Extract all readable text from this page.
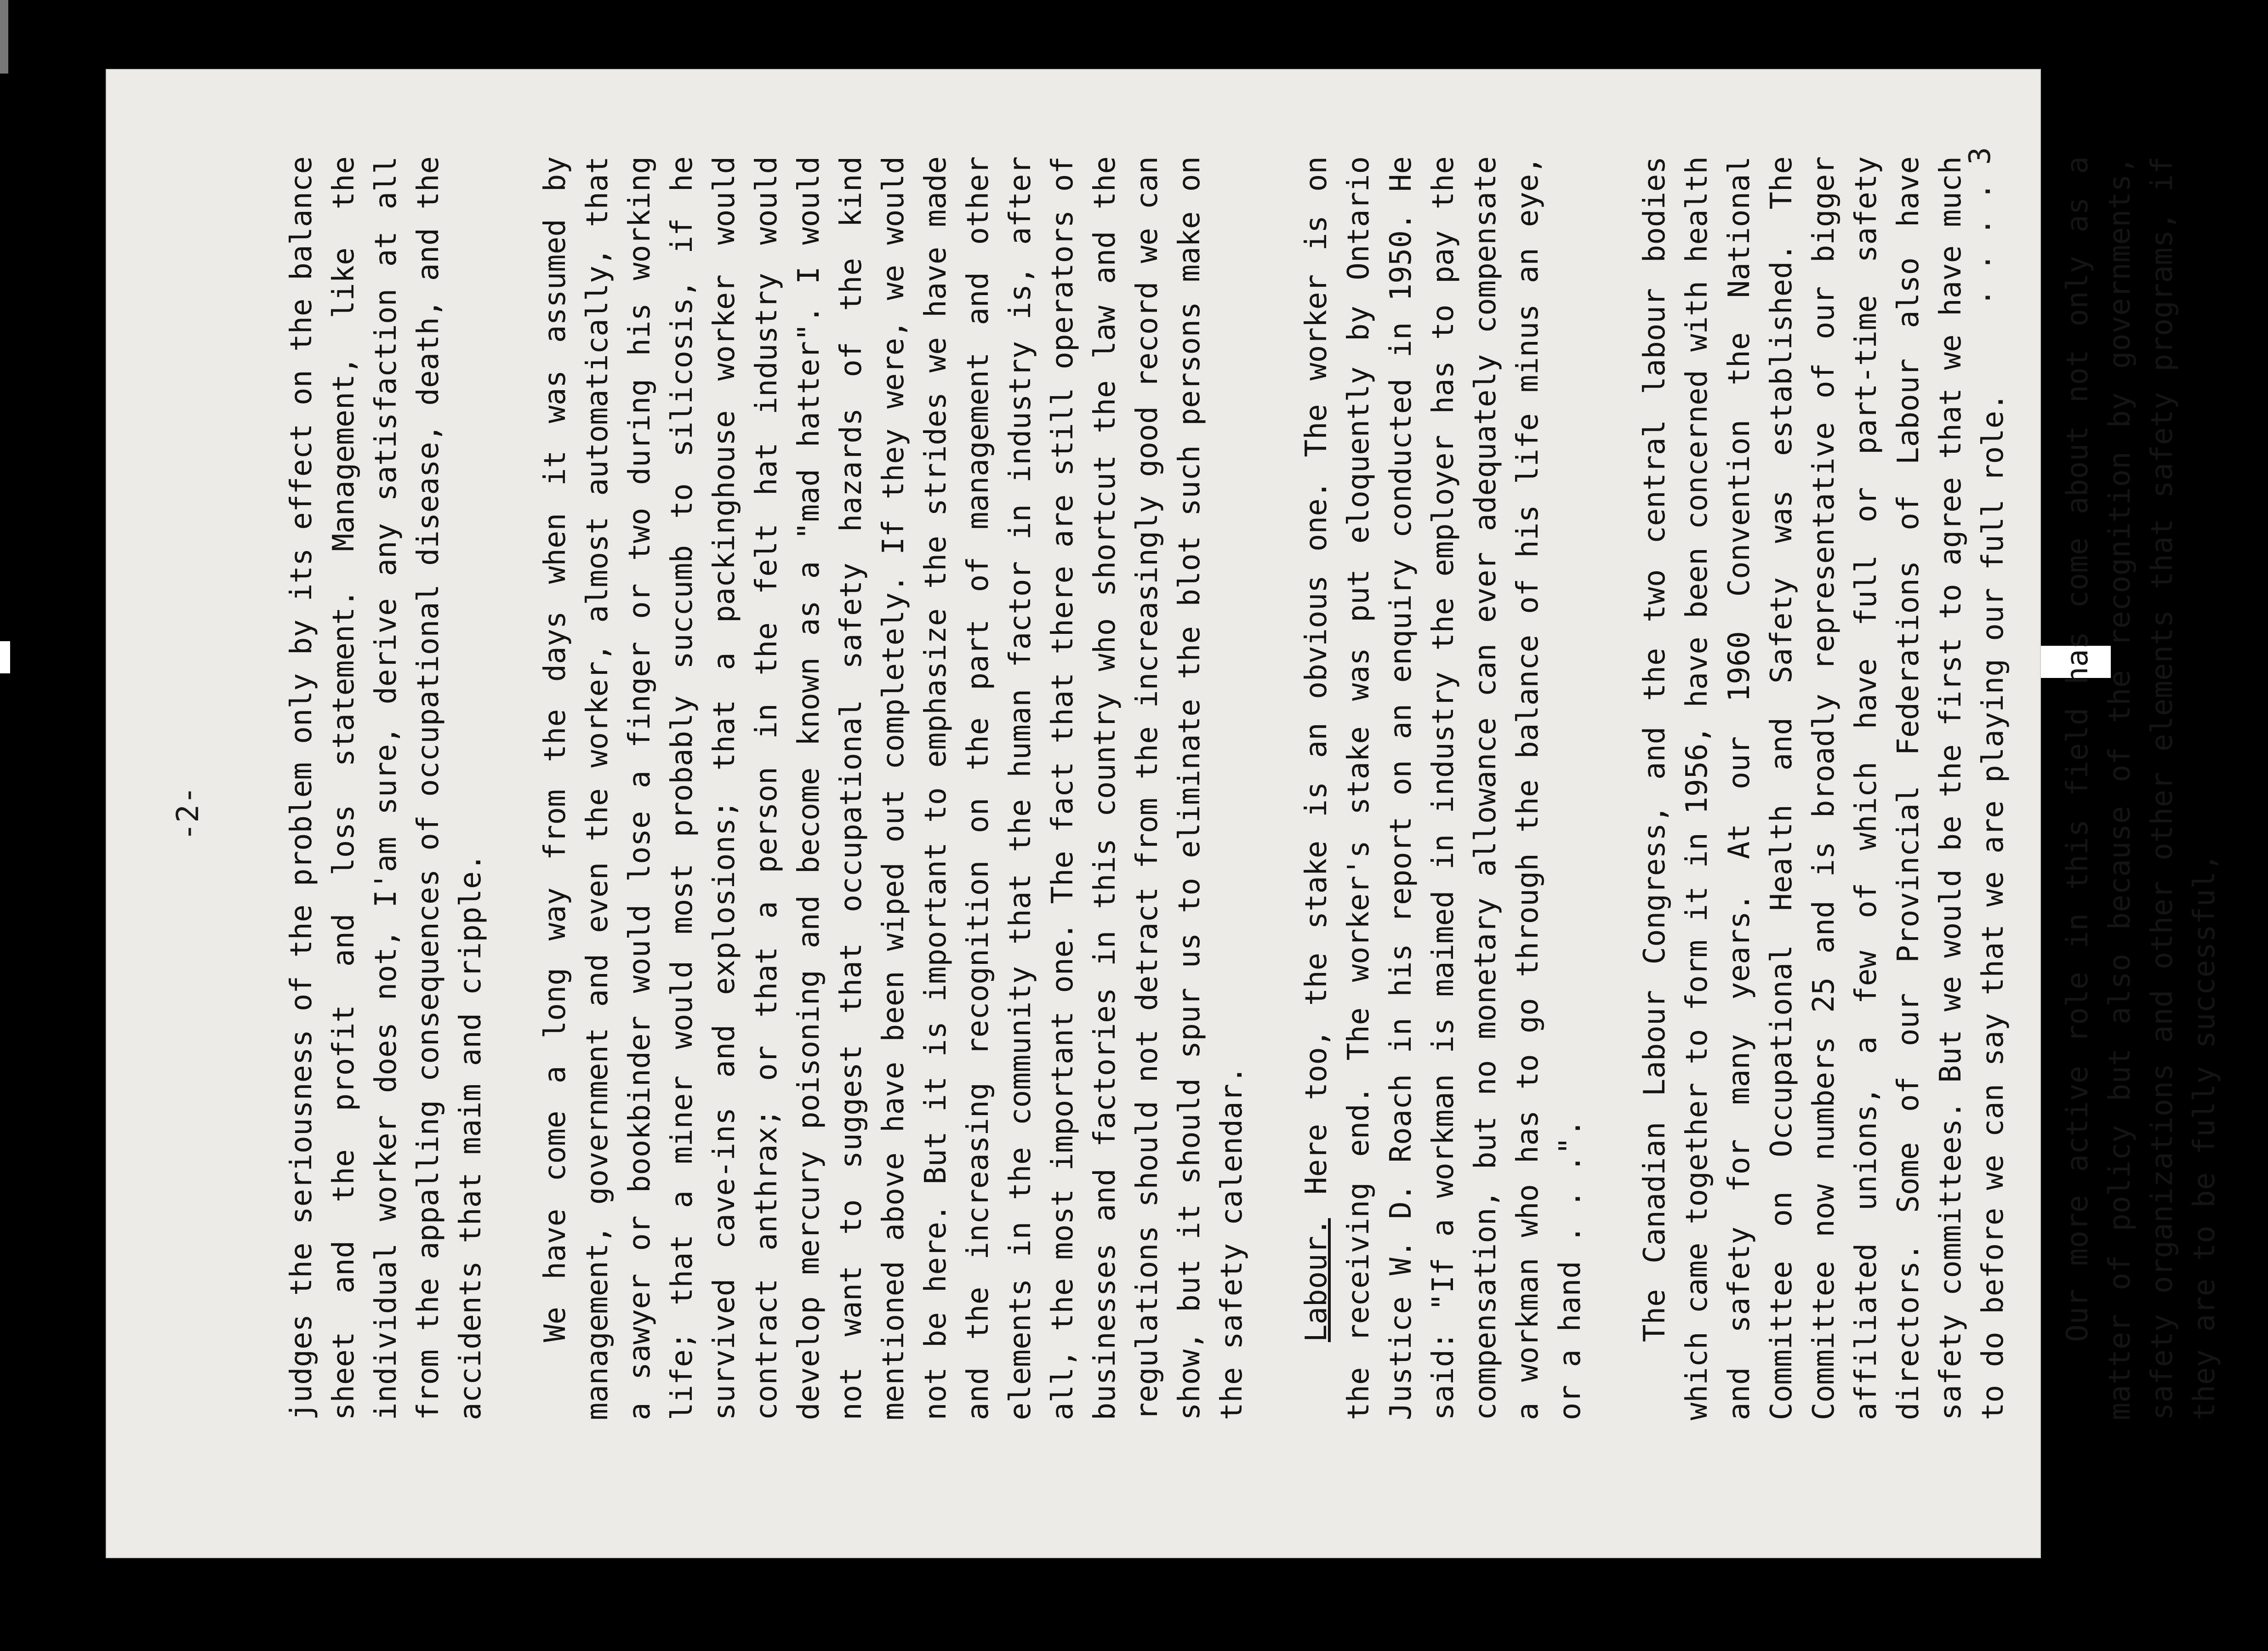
-2-	judges the seriousness of the problem only by its effect on the balance sheet and the profit and loss statement. Management, like the individual worker does not, I'am sure, derive any satisfaction at all from the appalling consequences of occupational disease, death, and the accidents that maim and cripple. We have come a long way from the days when it was assumed by management, government and even the worker, almost automatically, that a sawyer or bookbinder would lose a finger or two during his working life; that a miner would most probably succumb to silicosis, if he survived cave-ins and explosions; that a packinghouse worker would contract anthrax; or that a person in the felt hat industry would develop mercury poisoning and become known as a "mad hatter". I would not want to suggest that occupational safety hazards of the kind mentioned above have been wiped out completely. If they were, we would not be here. But it is important to emphasize the strides we have made and the increasing recognition on the part of management and other elements in the community that the human factor in industry is, after all, the most important one. The fact that there are still operators of businesses and factories in this country who shortcut the law and the regulations should not detract from the increasingly good record we can show, but it should spur us to eliminate the blot such persons make on the safety calendar. Labour. Here too, the stake is an obvious one. The worker is on the receiving end. The worker's stake was put eloquently by Ontario Justice W. D. Roach in his report on an enquiry conducted in 1950. He said: "If a workman is maimed in industry the employer has to pay the compensation, but no monetary allowance can ever adequately compensate a workman who has to go through the balance of his life minus an eye, or a hand . . .". The Canadian Labour Congress, and the two central labour bodies which came together to form it in 1956, have been concerned with health and safety for many years. At our 1960 Convention the National Committee on Occupational Health and Safety was established. The Committee now numbers 25 and is broadly representative of our bigger affiliated unions, a few of which have full or part-time safety directors. Some of our Provincial Federations of Labour also have safety committees. But we would be the first to agree that we have much to do before we can say that we are playing our full role. Our more active role in this field has come about not only as a matter of policy but also because of the recognition by governments, safety organizations and other other elements that safety programs, if they are to be fully successful,

. . . . 3
